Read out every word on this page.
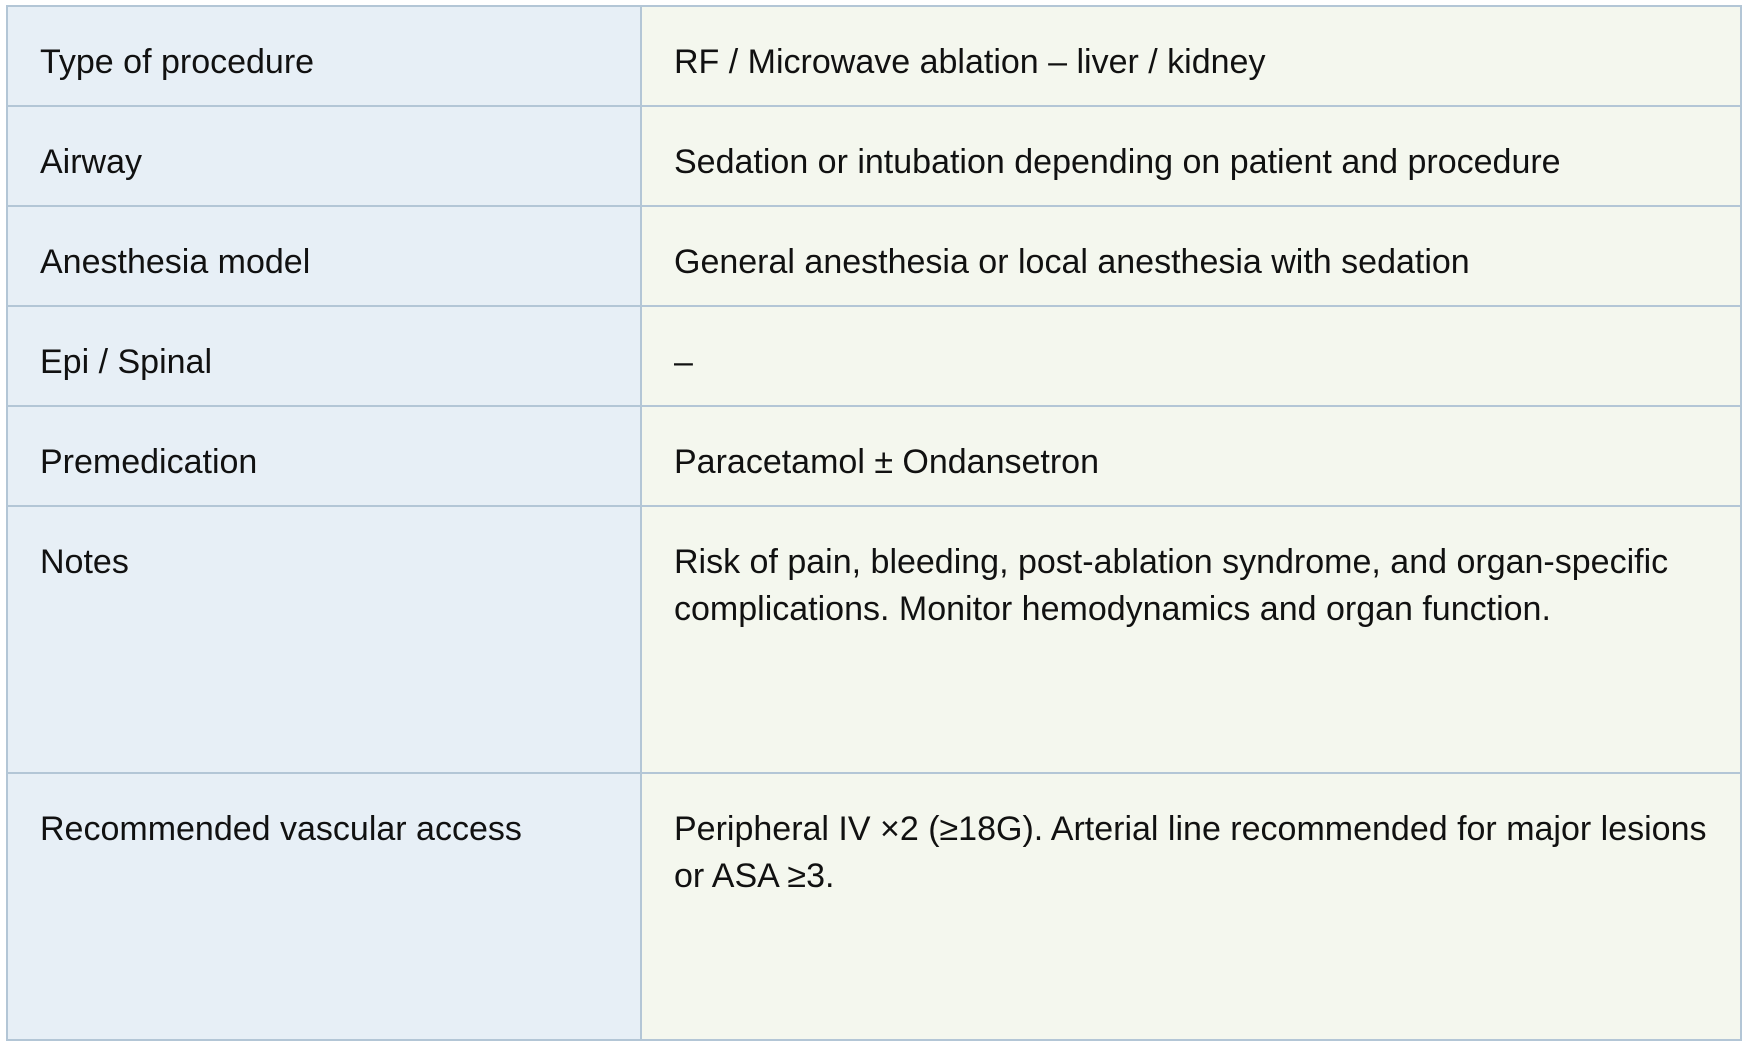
Type of procedure	RF / Microwave ablation – liver / kidney
Airway	Sedation or intubation depending on patient and procedure
Anesthesia model	General anesthesia or local anesthesia with sedation
Epi / Spinal	–
Premedication	Paracetamol ± Ondansetron
Notes	Risk of pain, bleeding, post-ablation syndrome, and organ-specific complications. Monitor hemodynamics and organ function.
Recommended vascular access	Peripheral IV ×2 (≥18G). Arterial line recommended for major lesions or ASA ≥3.
